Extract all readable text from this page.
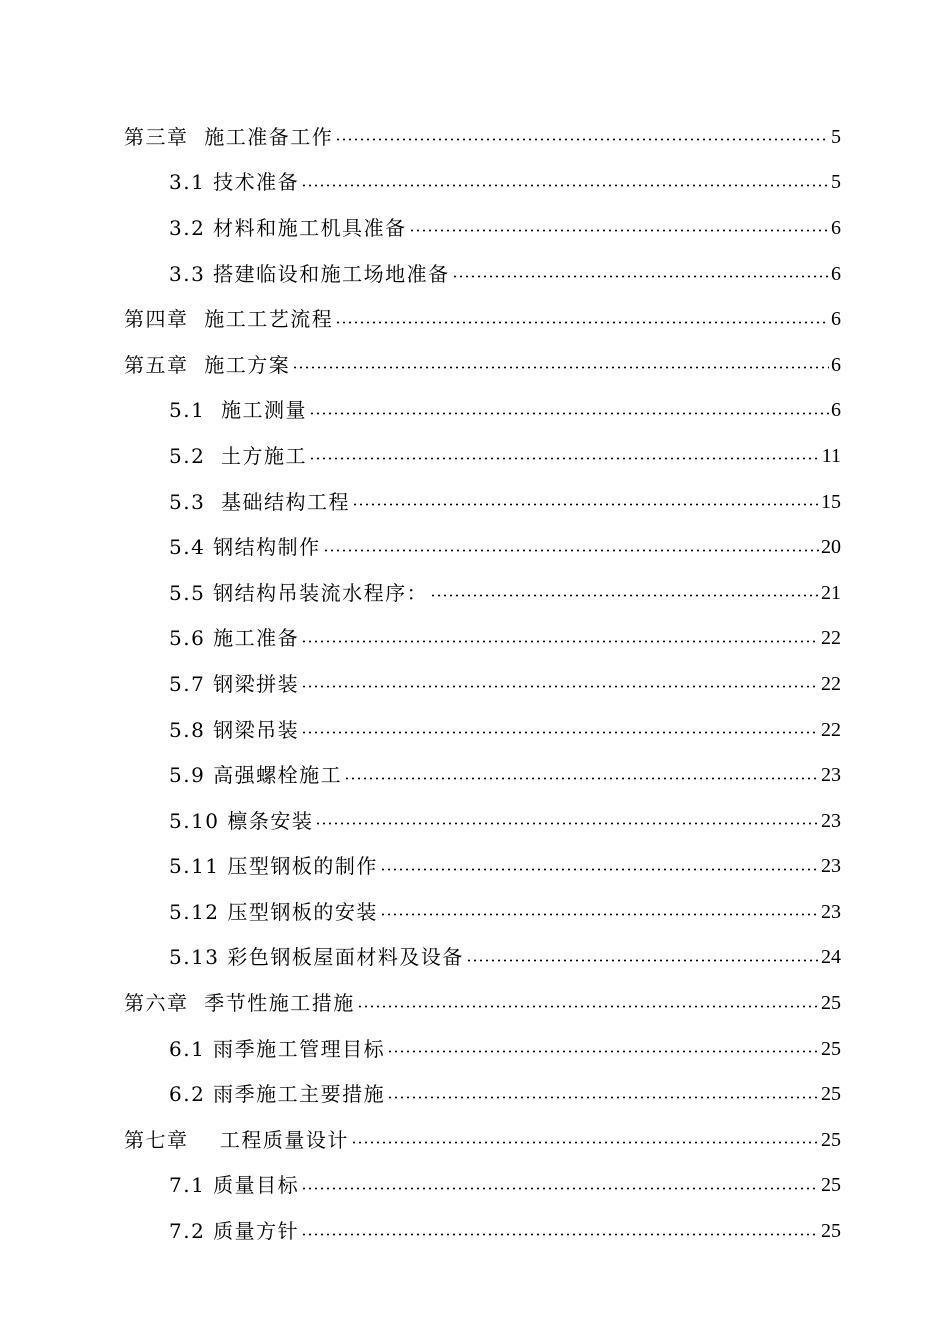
第三章  施工准备工作	5
3.1 技术准备	5
3.2 材料和施工机具准备	6
3.3 搭建临设和施工场地准备	6
第四章  施工工艺流程	6
第五章  施工方案	6
5.1  施工测量	6
5.2  土方施工	11
5.3  基础结构工程	15
5.4 钢结构制作	20
5.5 钢结构吊装流水程序：	21
5.6 施工准备	22
5.7 钢梁拼装	22
5.8 钢梁吊装	22
5.9 高强螺栓施工	23
5.10 檩条安装	23
5.11 压型钢板的制作	23
5.12 压型钢板的安装	23
5.13 彩色钢板屋面材料及设备	24
第六章  季节性施工措施	25
6.1 雨季施工管理目标	25
6.2 雨季施工主要措施	25
第七章    工程质量设计	25
7.1 质量目标	25
7.2 质量方针	25
